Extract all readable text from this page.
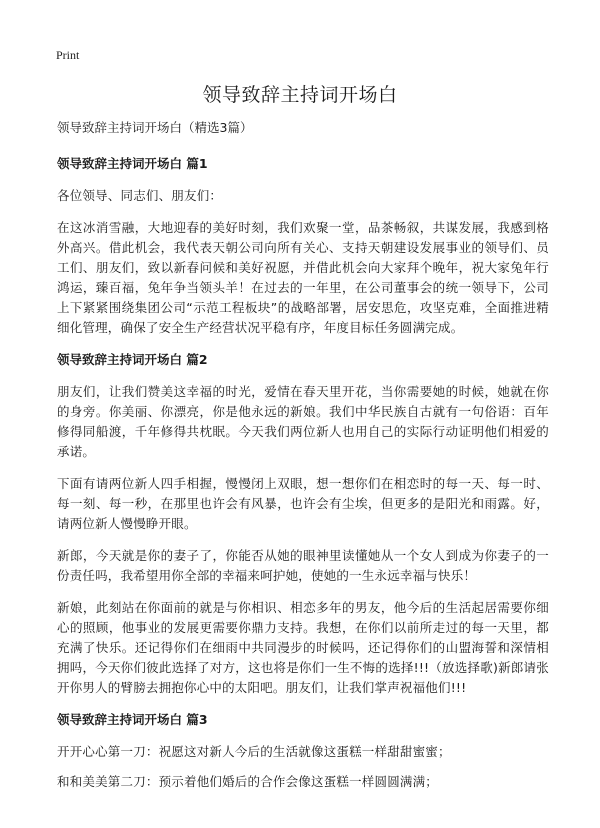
Print
领导致辞主持词开场白
领导致辞主持词开场白（精选3篇）
领导致辞主持词开场白 篇1
各位领导、同志们、朋友们：
在这冰消雪融，大地迎春的美好时刻，我们欢聚一堂，品茶畅叙，共谋发展，我感到格外高兴。借此机会，我代表天朝公司向所有关心、支持天朝建设发展事业的领导们、员工们、朋友们，致以新春问候和美好祝愿，并借此机会向大家拜个晚年，祝大家兔年行鸿运，臻百福，兔年争当领头羊！在过去的一年里，在公司董事会的统一领导下，公司上下紧紧围绕集团公司“示范工程板块”的战略部署，居安思危，攻坚克难，全面推进精细化管理，确保了安全生产经营状况平稳有序，年度目标任务圆满完成。
领导致辞主持词开场白 篇2
朋友们，让我们赞美这幸福的时光，爱情在春天里开花，当你需要她的时候，她就在你的身旁。你美丽、你漂亮，你是他永远的新娘。我们中华民族自古就有一句俗语：百年修得同船渡，千年修得共枕眠。今天我们两位新人也用自己的实际行动证明他们相爱的承诺。
下面有请两位新人四手相握，慢慢闭上双眼，想一想你们在相恋时的每一天、每一时、每一刻、每一秒，在那里也许会有风暴，也许会有尘埃，但更多的是阳光和雨露。好，请两位新人慢慢睁开眼。
新郎，今天就是你的妻子了，你能否从她的眼神里读懂她从一个女人到成为你妻子的一份责任吗，我希望用你全部的幸福来呵护她，使她的一生永远幸福与快乐！
新娘，此刻站在你面前的就是与你相识、相恋多年的男友，他今后的生活起居需要你细心的照顾，他事业的发展更需要你鼎力支持。我想，在你们以前所走过的每一天里，都充满了快乐。还记得你们在细雨中共同漫步的时候吗，还记得你们的山盟海誓和深情相拥吗，今天你们彼此选择了对方，这也将是你们一生不悔的选择!!!（放选择歌)新郎请张开你男人的臂膀去拥抱你心中的太阳吧。朋友们，让我们掌声祝福他们!!!
领导致辞主持词开场白 篇3
开开心心第一刀：祝愿这对新人今后的生活就像这蛋糕一样甜甜蜜蜜；
和和美美第二刀：预示着他们婚后的合作会像这蛋糕一样圆圆满满；
